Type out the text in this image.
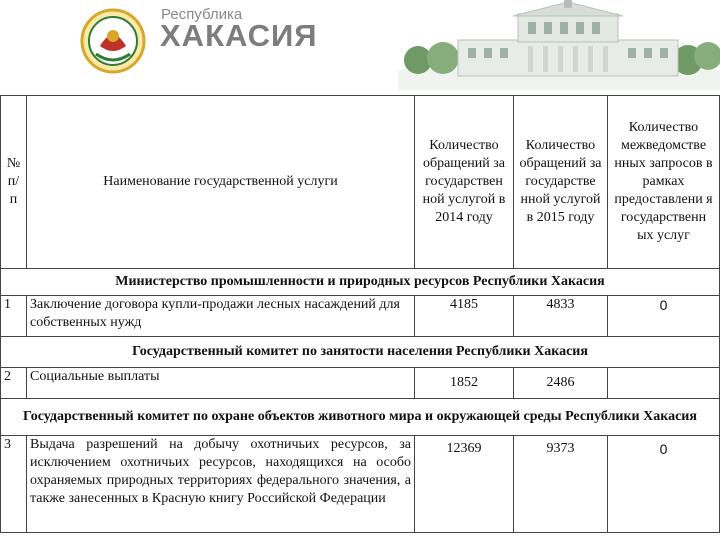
Республика
ХАКАСИЯ
№ п/ п	Наименование государственной услуги	Количество обращений за государствен ной услугой в 2014 году	Количество обращений за государстве нной услугой в 2015 году	Количество межведомстве нных запросов в рамках предоставлени я государственн ых услуг
Министерство промышленности и природных ресурсов Республики Хакасия				
1	Заключение договора купли-продажи лесных насаждений для собственных нужд	4185	4833	0
Государственный комитет по занятости населения Республики Хакасия				
2	Социальные выплаты	1852	2486	
Государственный комитет по охране объектов животного мира и окружающей среды Республики Хакасия				
3	Выдача разрешений на добычу охотничьих ресурсов, за исключением охотничьих ресурсов, находящихся на особо охраняемых природных территориях федерального значения, а также занесенных в Красную книгу Российской Федерации	12369	9373	0
